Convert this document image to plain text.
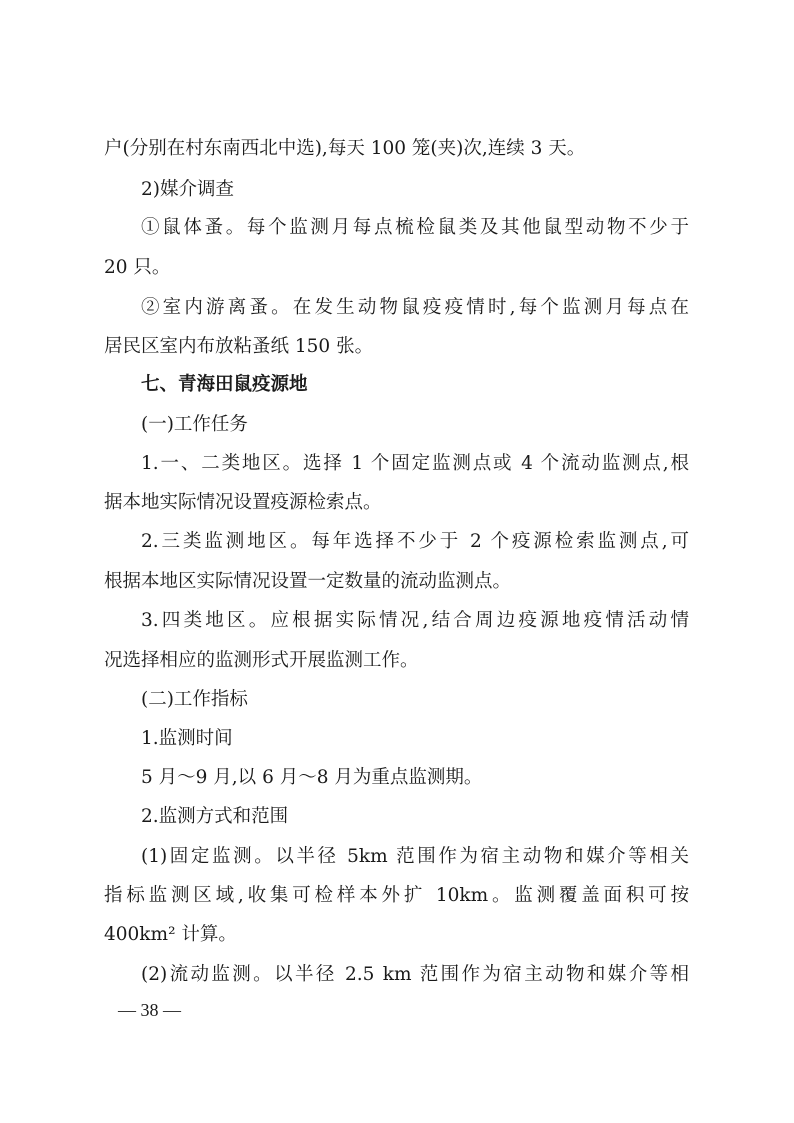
户(分别在村东南西北中选),每天 100 笼(夹)次,连续 3 天。
2)媒介调查
①鼠体蚤。每个监测月每点梳检鼠类及其他鼠型动物不少于
20 只。
②室内游离蚤。在发生动物鼠疫疫情时,每个监测月每点在
居民区室内布放粘蚤纸 150 张。
七、青海田鼠疫源地
(一)工作任务
1.一、二类地区。选择 1 个固定监测点或 4 个流动监测点,根
据本地实际情况设置疫源检索点。
2.三类监测地区。每年选择不少于 2 个疫源检索监测点,可
根据本地区实际情况设置一定数量的流动监测点。
3.四类地区。应根据实际情况,结合周边疫源地疫情活动情
况选择相应的监测形式开展监测工作。
(二)工作指标
1.监测时间
5 月～9 月,以 6 月～8 月为重点监测期。
2.监测方式和范围
(1)固定监测。以半径 5km 范围作为宿主动物和媒介等相关
指标监测区域,收集可检样本外扩 10km。监测覆盖面积可按
400km² 计算。
(2)流动监测。以半径 2.5 km 范围作为宿主动物和媒介等相
— 38 —
